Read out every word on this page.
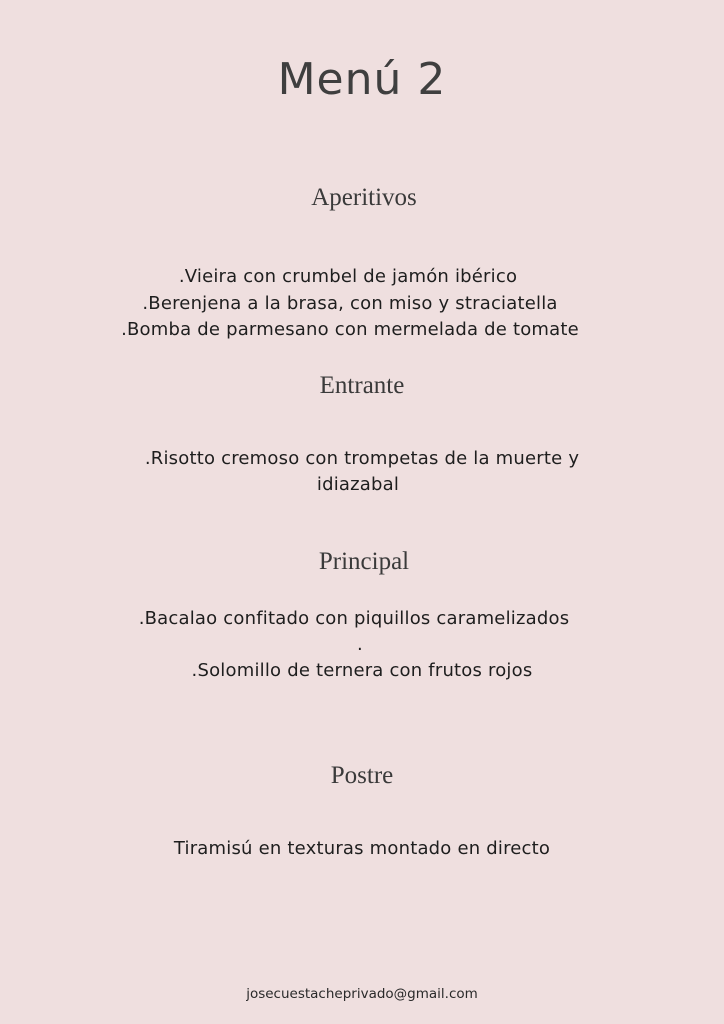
Menú 2
Aperitivos

.Vieira con crumbel de jamón ibérico

.Berenjena a la brasa, con miso y straciatella

.Bomba de parmesano con mermelada de tomate

Entrante

.Risotto cremoso con trompetas de la muerte y

idiazabal

Principal

.Bacalao confitado con piquillos caramelizados

.

.Solomillo de ternera con frutos rojos

Postre

Tiramisú en texturas montado en directo

josecuestacheprivado@gmail.com
